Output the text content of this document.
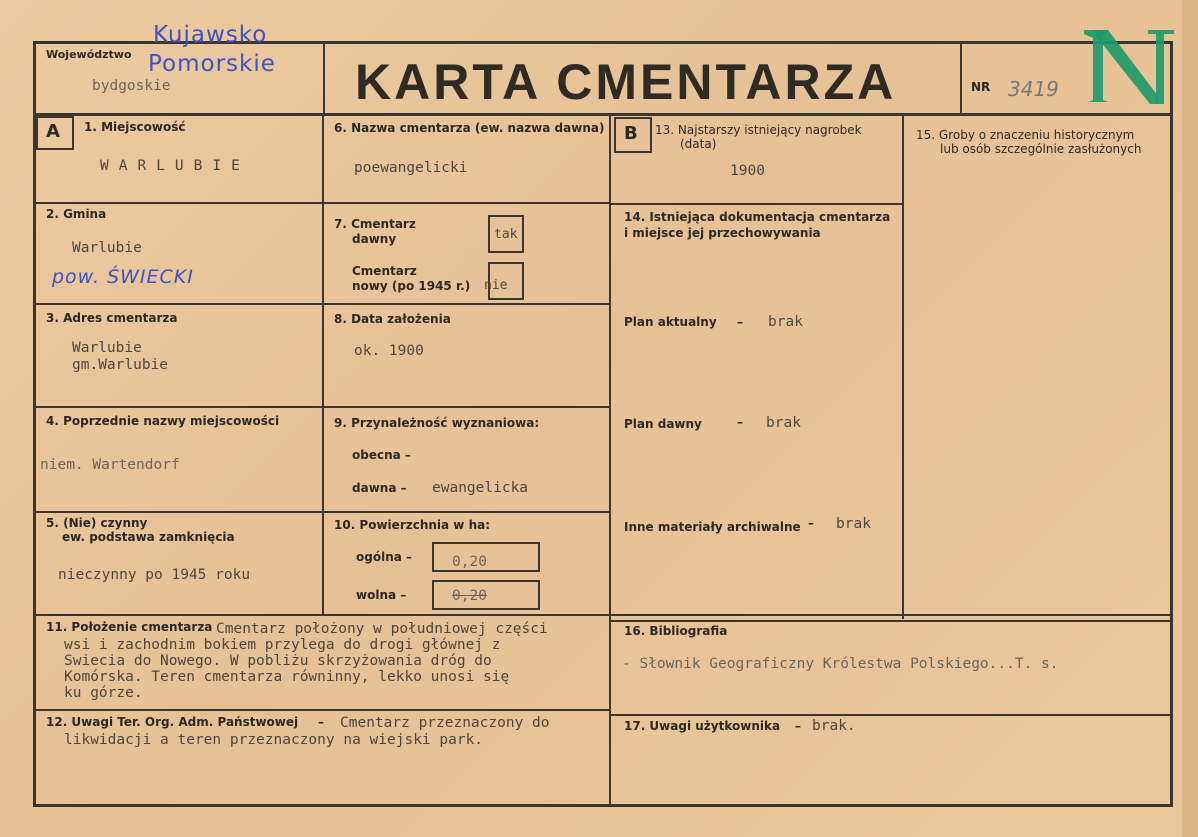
Województwo
Kujawsko
Pomorskie
bydgoskie	KARTA CMENTARZA	NR 3419
A	B
1. Miejscowość
WARLUBIE
2. Gmina
Warlubie
pow. ŚWIECKI
3. Adres cmentarza
Warlubie
gm.Warlubie
4. Poprzednie nazwy miejscowości
niem. Wartendorf
5. (Nie) czynny
ew. podstawa zamknięcia
nieczynny po 1945 roku
6. Nazwa cmentarza (ew. nazwa dawna)
poewangelicki
7. Cmentarz
dawny	tak
Cmentarz
nowy (po 1945 r.) nie
8. Data założenia
ok. 1900
9. Przynależność wyznaniowa:
obecna –
dawna – ewangelicka
10. Powierzchnia w ha:
ogólna –	0,20
wolna –	0,20
11. Położenie cmentarza Cmentarz położony w południowej części
wsi i zachodnim bokiem przylega do drogi głównej z
Swiecia do Nowego. W pobliżu skrzyżowania dróg do
Komórska. Teren cmentarza równinny, lekko unosi się
ku górze.
12. Uwagi Ter. Org. Adm. Państwowej – Cmentarz przeznaczony do
likwidacji a teren przeznaczony na wiejski park.
13. Najstarszy istniejący nagrobek
(data)
1900
14. Istniejąca dokumentacja cmentarza
i miejsce jej przechowywania
Plan aktualny – brak
Plan dawny	– brak
Inne materiały archiwalne – brak
15. Groby o znaczeniu historycznym
lub osób szczególnie zasłużonych
16. Bibliografia
- Słownik Geograficzny Królestwa Polskiego...T. s.
17. Uwagi użytkownika – brak.
